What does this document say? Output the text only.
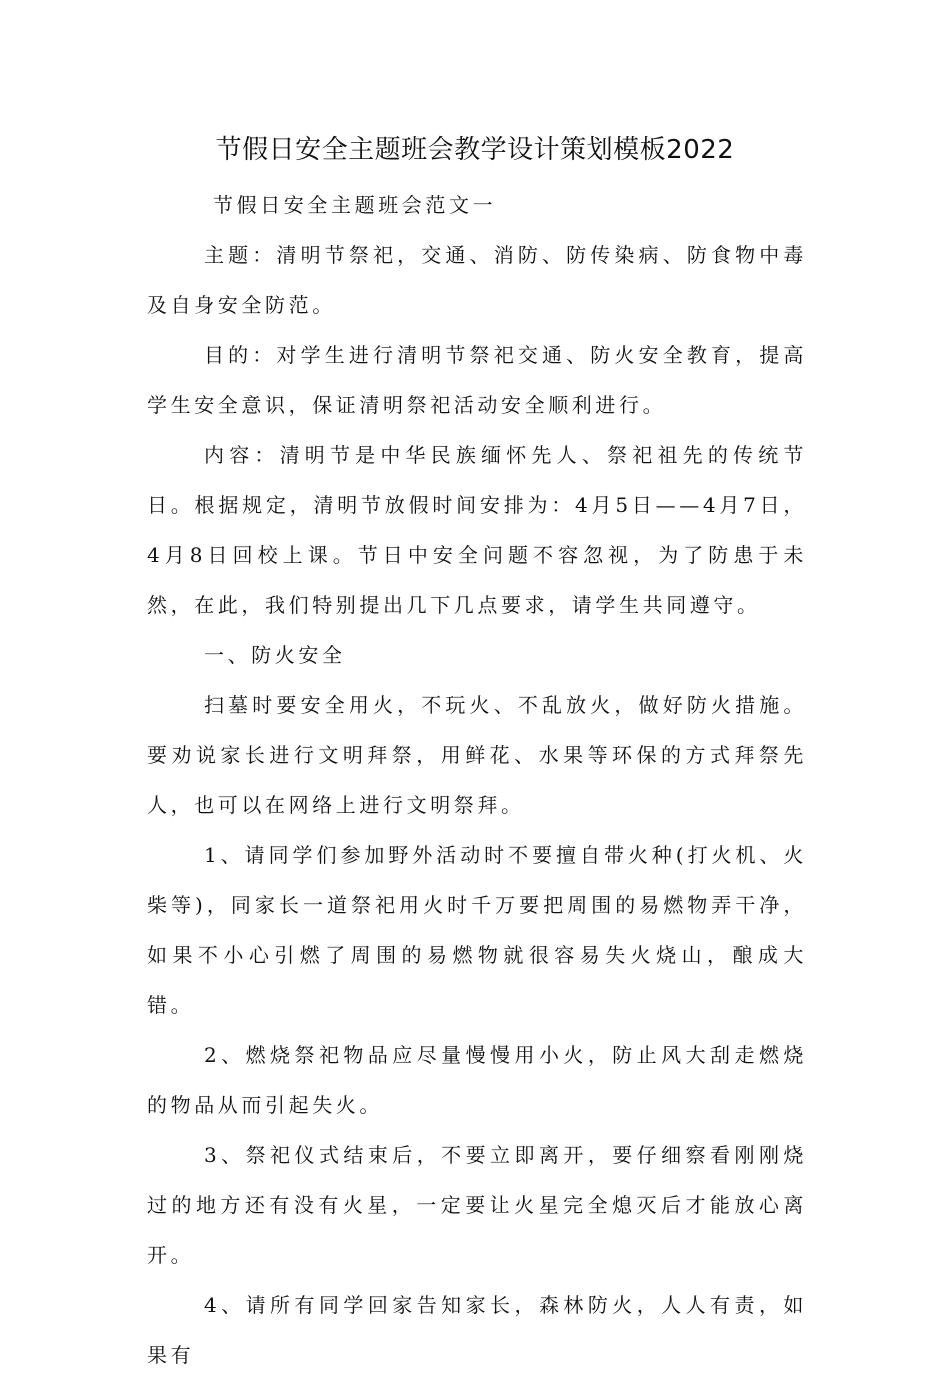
节假日安全主题班会教学设计策划模板2022

节假日安全主题班会范文一

主题：清明节祭祀，交通、消防、防传染病、防食物中毒及自身安全防范。

目的：对学生进行清明节祭祀交通、防火安全教育，提高学生安全意识，保证清明祭祀活动安全顺利进行。

内容：清明节是中华民族缅怀先人、祭祀祖先的传统节日。根据规定，清明节放假时间安排为：4月5日——4月7日，4月8日回校上课。节日中安全问题不容忽视，为了防患于未然，在此，我们特别提出几下几点要求，请学生共同遵守。

一、防火安全

扫墓时要安全用火，不玩火、不乱放火，做好防火措施。要劝说家长进行文明拜祭，用鲜花、水果等环保的方式拜祭先人，也可以在网络上进行文明祭拜。

1、请同学们参加野外活动时不要擅自带火种(打火机、火柴等)，同家长一道祭祀用火时千万要把周围的易燃物弄干净，如果不小心引燃了周围的易燃物就很容易失火烧山，酿成大错。

2、燃烧祭祀物品应尽量慢慢用小火，防止风大刮走燃烧的物品从而引起失火。

3、祭祀仪式结束后，不要立即离开，要仔细察看刚刚烧过的地方还有没有火星，一定要让火星完全熄灭后才能放心离开。

4、请所有同学回家告知家长，森林防火，人人有责，如果有
